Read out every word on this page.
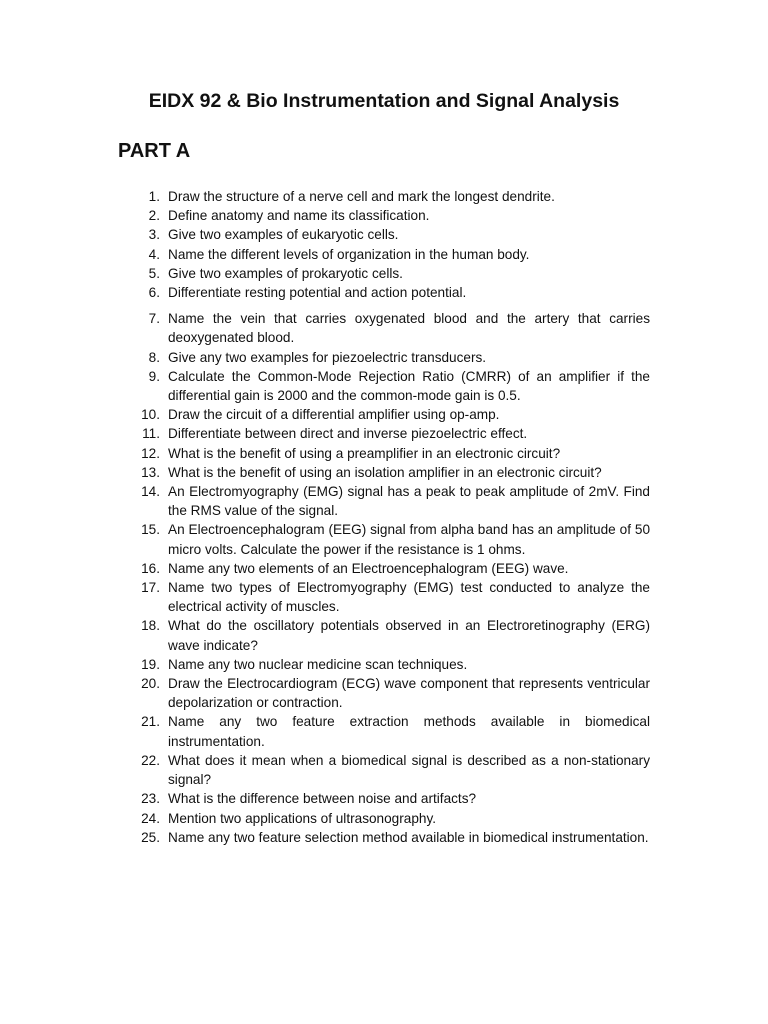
EIDX 92 & Bio Instrumentation and Signal Analysis
PART A
1. Draw the structure of a nerve cell and mark the longest dendrite.
2. Define anatomy and name its classification.
3. Give two examples of eukaryotic cells.
4. Name the different levels of organization in the human body.
5. Give two examples of prokaryotic cells.
6. Differentiate resting potential and action potential.
7. Name the vein that carries oxygenated blood and the artery that carries deoxygenated blood.
8. Give any two examples for piezoelectric transducers.
9. Calculate the Common-Mode Rejection Ratio (CMRR) of an amplifier if the differential gain is 2000 and the common-mode gain is 0.5.
10. Draw the circuit of a differential amplifier using op-amp.
11. Differentiate between direct and inverse piezoelectric effect.
12. What is the benefit of using a preamplifier in an electronic circuit?
13. What is the benefit of using an isolation amplifier in an electronic circuit?
14. An Electromyography (EMG) signal has a peak to peak amplitude of 2mV. Find the RMS value of the signal.
15. An Electroencephalogram (EEG) signal from alpha band has an amplitude of 50 micro volts. Calculate the power if the resistance is 1 ohms.
16. Name any two elements of an Electroencephalogram (EEG) wave.
17. Name two types of Electromyography (EMG) test conducted to analyze the electrical activity of muscles.
18. What do the oscillatory potentials observed in an Electroretinography (ERG) wave indicate?
19. Name any two nuclear medicine scan techniques.
20. Draw the Electrocardiogram (ECG) wave component that represents ventricular depolarization or contraction.
21. Name any two feature extraction methods available in biomedical instrumentation.
22. What does it mean when a biomedical signal is described as a non-stationary signal?
23. What is the difference between noise and artifacts?
24. Mention two applications of ultrasonography.
25. Name any two feature selection method available in biomedical instrumentation.
